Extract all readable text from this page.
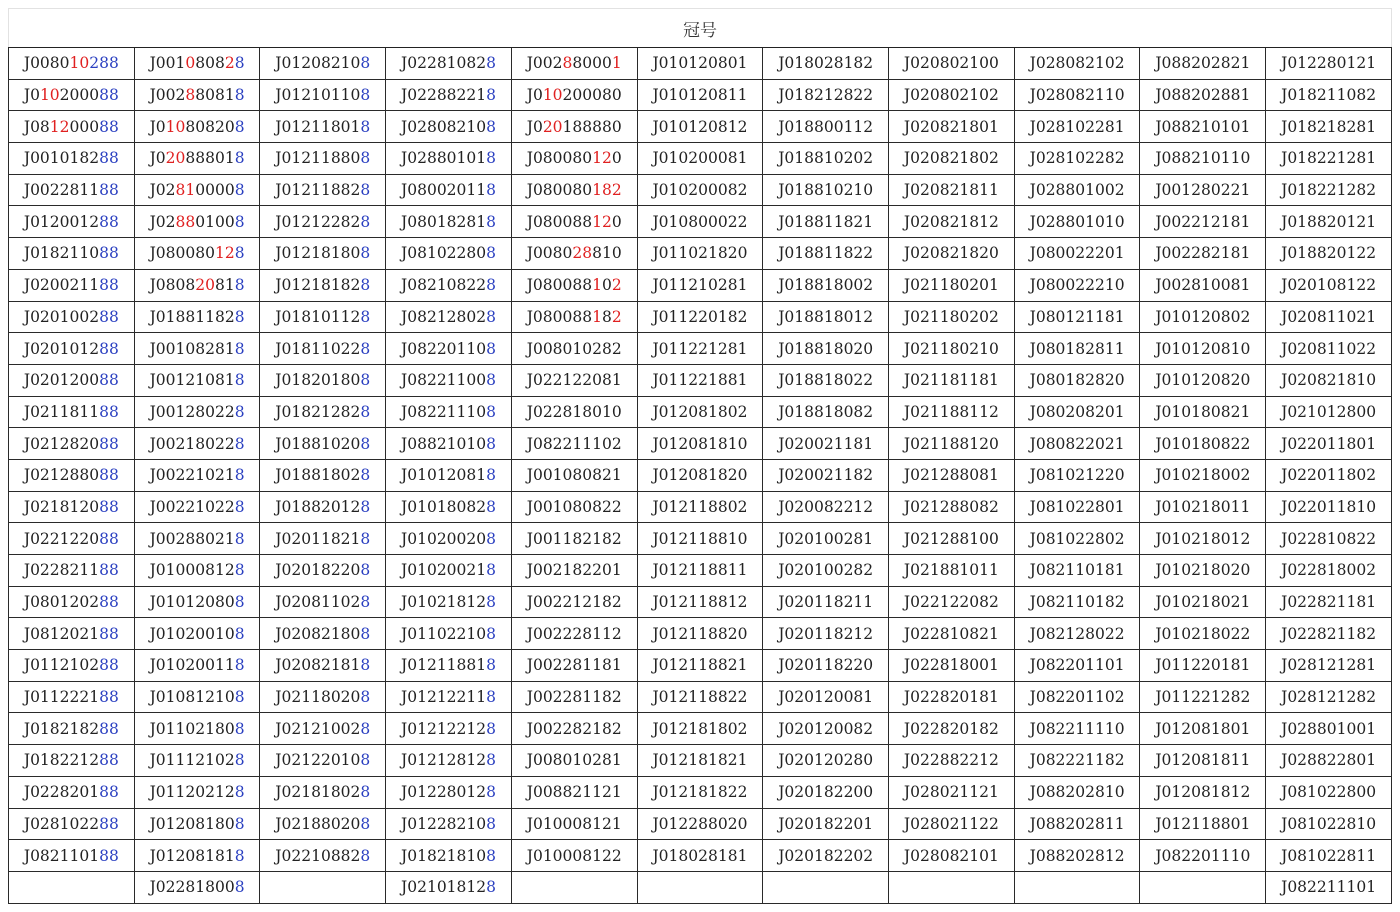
冠号										
J008010288	J001080828	J012082108	J022810828	J002880001	J010120801	J018028182	J020802100	J028082102	J088202821	J012280121
J010200088	J002880818	J012101108	J022882218	J010200080	J010120811	J018212822	J020802102	J028082110	J088202881	J018211082
J081200088	J010808208	J012118018	J028082108	J020188880	J010120812	J018800112	J020821801	J028102281	J088210101	J018218281
J001018288	J020888018	J012118808	J028801018	J080080120	J010200081	J018810202	J020821802	J028102282	J088210110	J018221281
J002281188	J028100008	J012118828	J080020118	J080080182	J010200082	J018810210	J020821811	J028801002	J001280221	J018221282
J012001288	J028801008	J012122828	J080182818	J080088120	J010800022	J018811821	J020821812	J028801010	J002212181	J018820121
J018211088	J080080128	J012181808	J081022808	J008028810	J011021820	J018811822	J020821820	J080022201	J002282181	J018820122
J020021188	J080820818	J012181828	J082108228	J080088102	J011210281	J018818002	J021180201	J080022210	J002810081	J020108122
J020100288	J018811828	J018101128	J082128028	J080088182	J011220182	J018818012	J021180202	J080121181	J010120802	J020811021
J020101288	J001082818	J018110228	J082201108	J008010282	J011221281	J018818020	J021180210	J080182811	J010120810	J020811022
J020120088	J001210818	J018201808	J082211008	J022122081	J011221881	J018818022	J021181181	J080182820	J010120820	J020821810
J021181188	J001280228	J018212828	J082211108	J022818010	J012081802	J018818082	J021188112	J080208201	J010180821	J021012800
J021282088	J002180228	J018810208	J088210108	J082211102	J012081810	J020021181	J021188120	J080822021	J010180822	J022011801
J021288088	J002210218	J018818028	J010120818	J001080821	J012081820	J020021182	J021288081	J081021220	J010218002	J022011802
J021812088	J002210228	J018820128	J010180828	J001080822	J012118802	J020082212	J021288082	J081022801	J010218011	J022011810
J022122088	J002880218	J020118218	J010200208	J001182182	J012118810	J020100281	J021288100	J081022802	J010218012	J022810822
J022821188	J010008128	J020182208	J010200218	J002182201	J012118811	J020100282	J021881011	J082110181	J010218020	J022818002
J080120288	J010120808	J020811028	J010218128	J002212182	J012118812	J020118211	J022122082	J082110182	J010218021	J022821181
J081202188	J010200108	J020821808	J011022108	J002228112	J012118820	J020118212	J022810821	J082128022	J010218022	J022821182
J011210288	J010200118	J020821818	J012118818	J002281181	J012118821	J020118220	J022818001	J082201101	J011220181	J028121281
J011222188	J010812108	J021180208	J012122118	J002281182	J012118822	J020120081	J022820181	J082201102	J011221282	J028121282
J018218288	J011021808	J021210028	J012122128	J002282182	J012181802	J020120082	J022820182	J082211110	J012081801	J028801001
J018221288	J011121028	J021220108	J012128128	J008010281	J012181821	J020120280	J022882212	J082221182	J012081811	J028822801
J022820188	J011202128	J021818028	J012280128	J008821121	J012181822	J020182200	J028021121	J088202810	J012081812	J081022800
J028102288	J012081808	J021880208	J012282108	J010008121	J012288020	J020182201	J028021122	J088202811	J012118801	J081022810
J082110188	J012081818	J022108828	J018218108	J010008122	J018028181	J020182202	J028082101	J088202812	J082201110	J081022811
	J022818008		J021018128							J082211101
